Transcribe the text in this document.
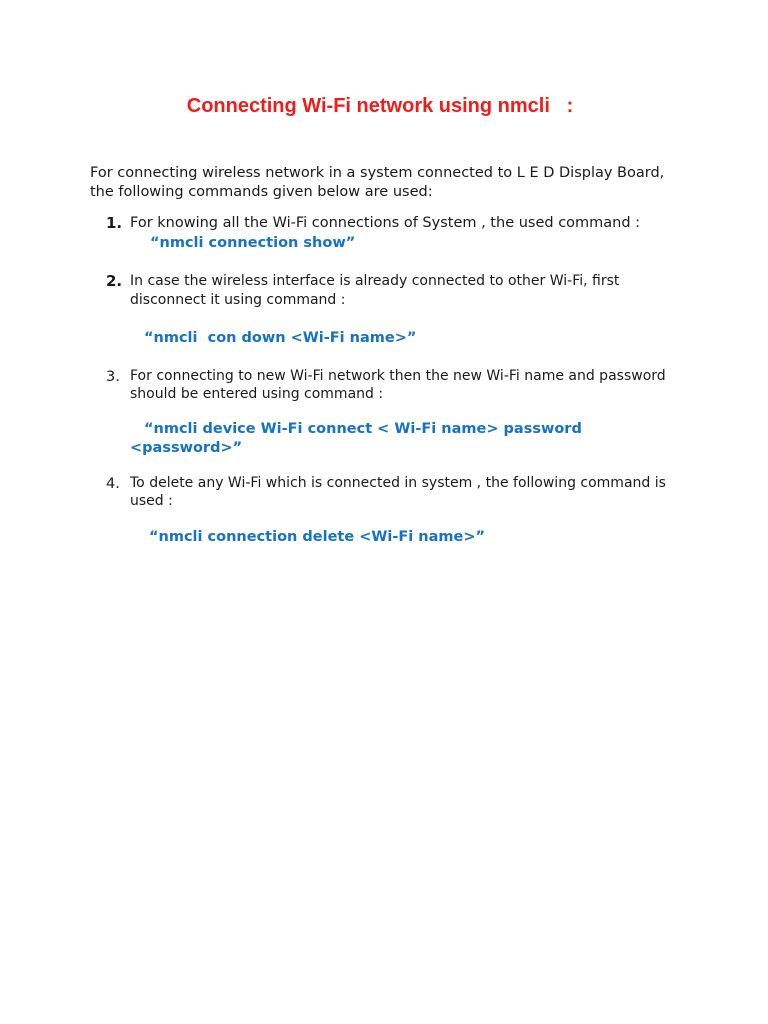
Connecting Wi-Fi network using nmcli   :

For connecting wireless network in a system connected to L E D Display Board, the following commands given below are used:

1. For knowing all the Wi-Fi connections of System , the used command :
“nmcli connection show”
2. In case the wireless interface is already connected to other Wi-Fi, first disconnect it using command :
“nmcli  con down <Wi-Fi name>”
3. For connecting to new Wi-Fi network then the new Wi-Fi name and password should be entered using command :
“nmcli device Wi-Fi connect < Wi-Fi name> password <password>”
4. To delete any Wi-Fi which is connected in system , the following command is used :
“nmcli connection delete <Wi-Fi name>”
